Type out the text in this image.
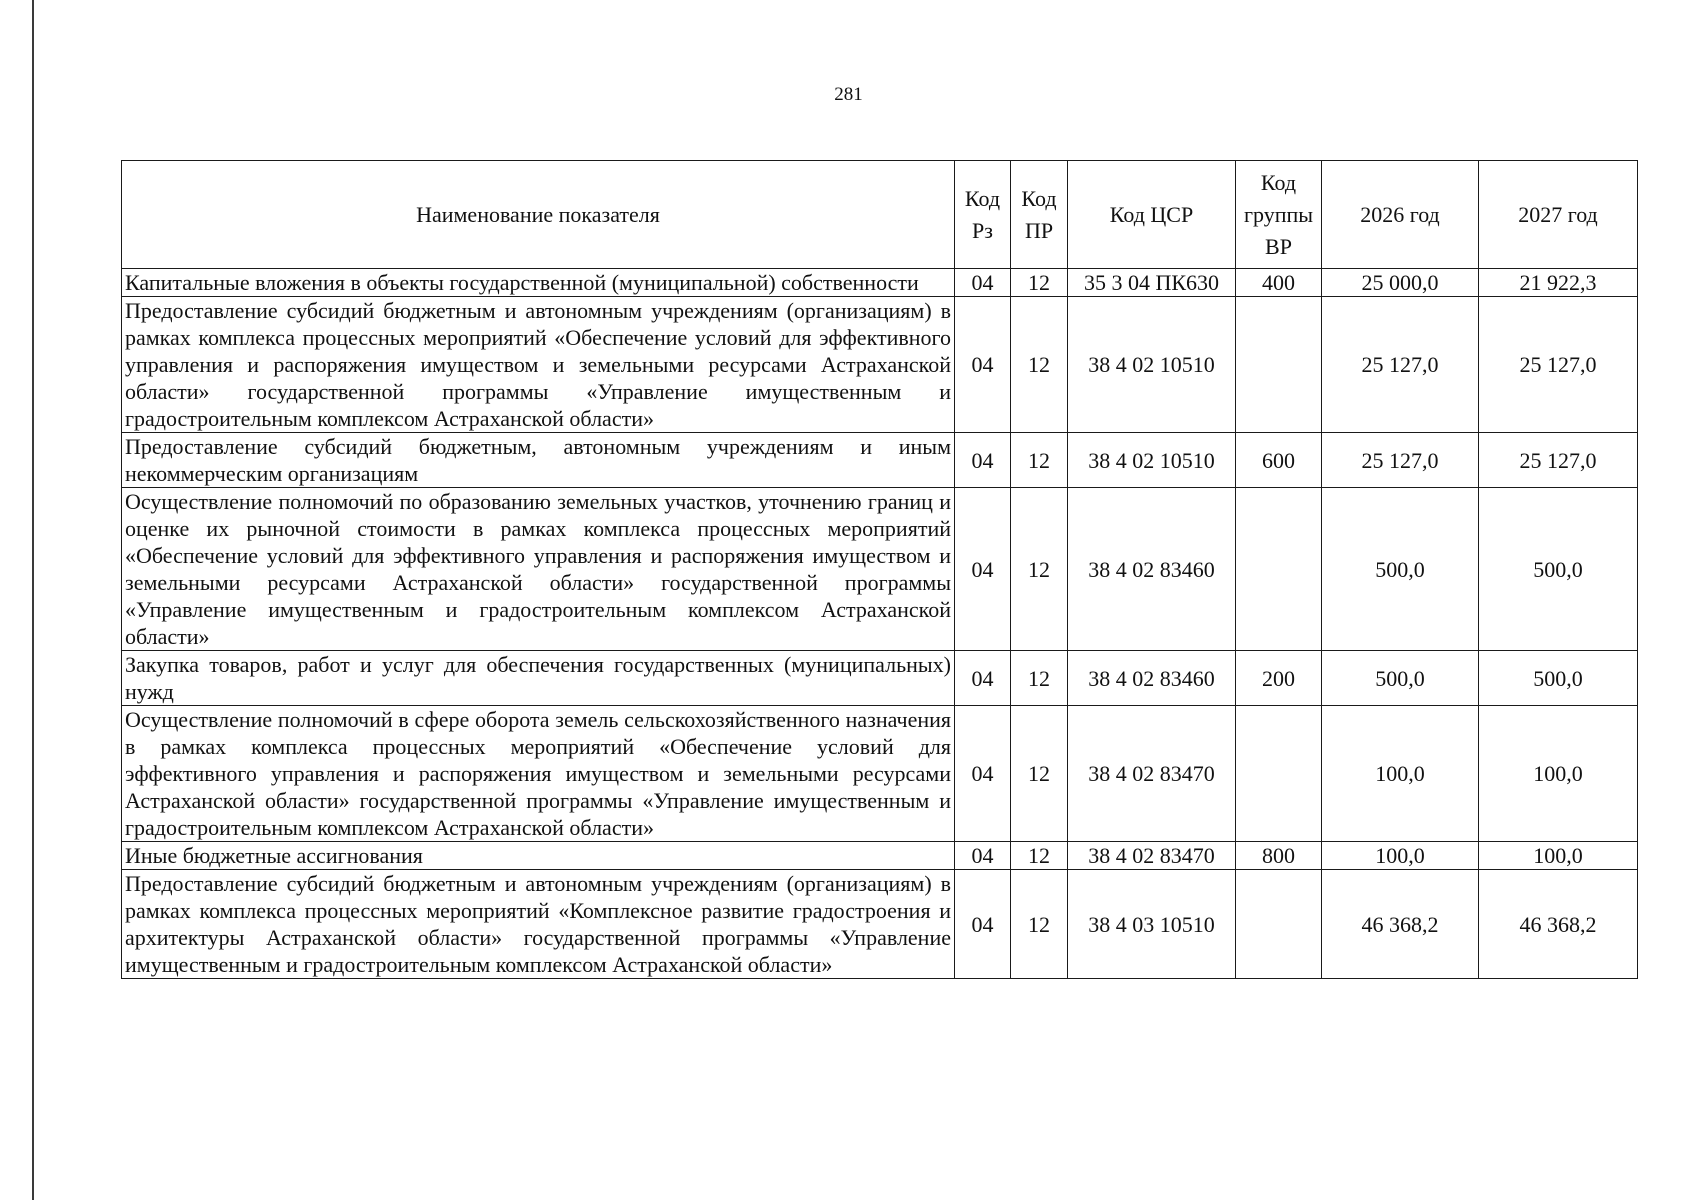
281
Наименование показателя	Код Рз	Код ПР	Код ЦСР	Код группы ВР	2026 год	2027 год
Капитальные вложения в объекты государственной (муниципальной) собственности	04	12	35 3 04 ПК630	400	25 000,0	21 922,3
Предоставление субсидий бюджетным и автономным учреждениям (организациям) в рамках комплекса процессных мероприятий «Обеспечение условий для эффективного управления и распоряжения имуществом и земельными ресурсами Астраханской области» государственной программы «Управление имущественным и градостроительным комплексом Астраханской области»	04	12	38 4 02 10510		25 127,0	25 127,0
Предоставление субсидий бюджетным, автономным учреждениям и иным некоммерческим организациям	04	12	38 4 02 10510	600	25 127,0	25 127,0
Осуществление полномочий по образованию земельных участков, уточнению границ и оценке их рыночной стоимости в рамках комплекса процессных мероприятий «Обеспечение условий для эффективного управления и распоряжения имуществом и земельными ресурсами Астраханской области» государственной программы «Управление имущественным и градостроительным комплексом Астраханской области»	04	12	38 4 02 83460		500,0	500,0
Закупка товаров, работ и услуг для обеспечения государственных (муниципальных) нужд	04	12	38 4 02 83460	200	500,0	500,0
Осуществление полномочий в сфере оборота земель сельскохозяйственного назначения в рамках комплекса процессных мероприятий «Обеспечение условий для эффективного управления и распоряжения имуществом и земельными ресурсами Астраханской области» государственной программы «Управление имущественным и градостроительным комплексом Астраханской области»	04	12	38 4 02 83470		100,0	100,0
Иные бюджетные ассигнования	04	12	38 4 02 83470	800	100,0	100,0
Предоставление субсидий бюджетным и автономным учреждениям (организациям) в рамках комплекса процессных мероприятий «Комплексное развитие градостроения и архитектуры Астраханской области» государственной программы «Управление имущественным и градостроительным комплексом Астраханской области»	04	12	38 4 03 10510		46 368,2	46 368,2
